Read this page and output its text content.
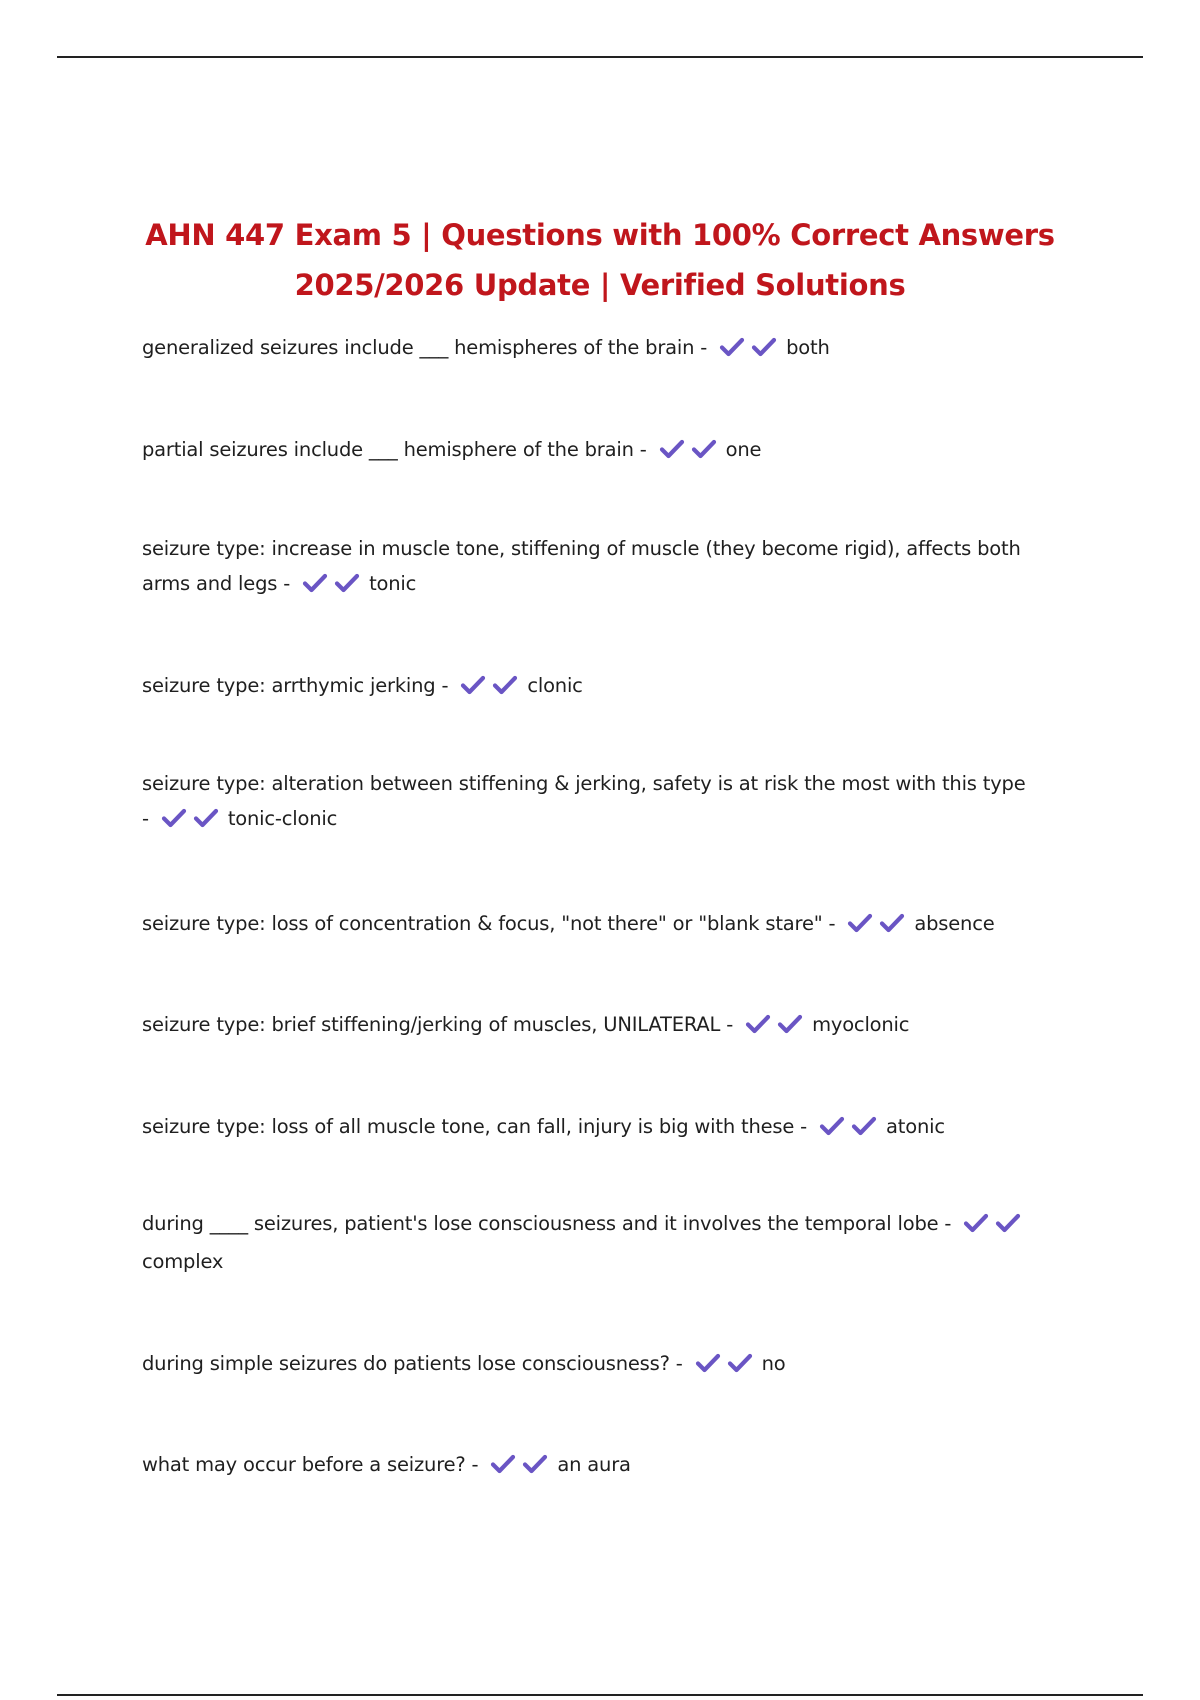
AHN 447 Exam 5 | Questions with 100% Correct Answers
2025/2026 Update | Verified Solutions
generalized seizures include ___ hemispheres of the brain -	both
partial seizures include ___ hemisphere of the brain -	one
seizure type: increase in muscle tone, stiffening of muscle (they become rigid), affects both arms and legs -	tonic
seizure type: arrthymic jerking -	clonic
seizure type: alteration between stiffening & jerking, safety is at risk the most with this type -	tonic-clonic
seizure type: loss of concentration & focus, "not there" or "blank stare" -	absence
seizure type: brief stiffening/jerking of muscles, UNILATERAL -	myoclonic
seizure type: loss of all muscle tone, can fall, injury is big with these -	atonic
during ____ seizures, patient's lose consciousness and it involves the temporal lobe -  complex
during simple seizures do patients lose consciousness? -	no
what may occur before a seizure? -	an aura
